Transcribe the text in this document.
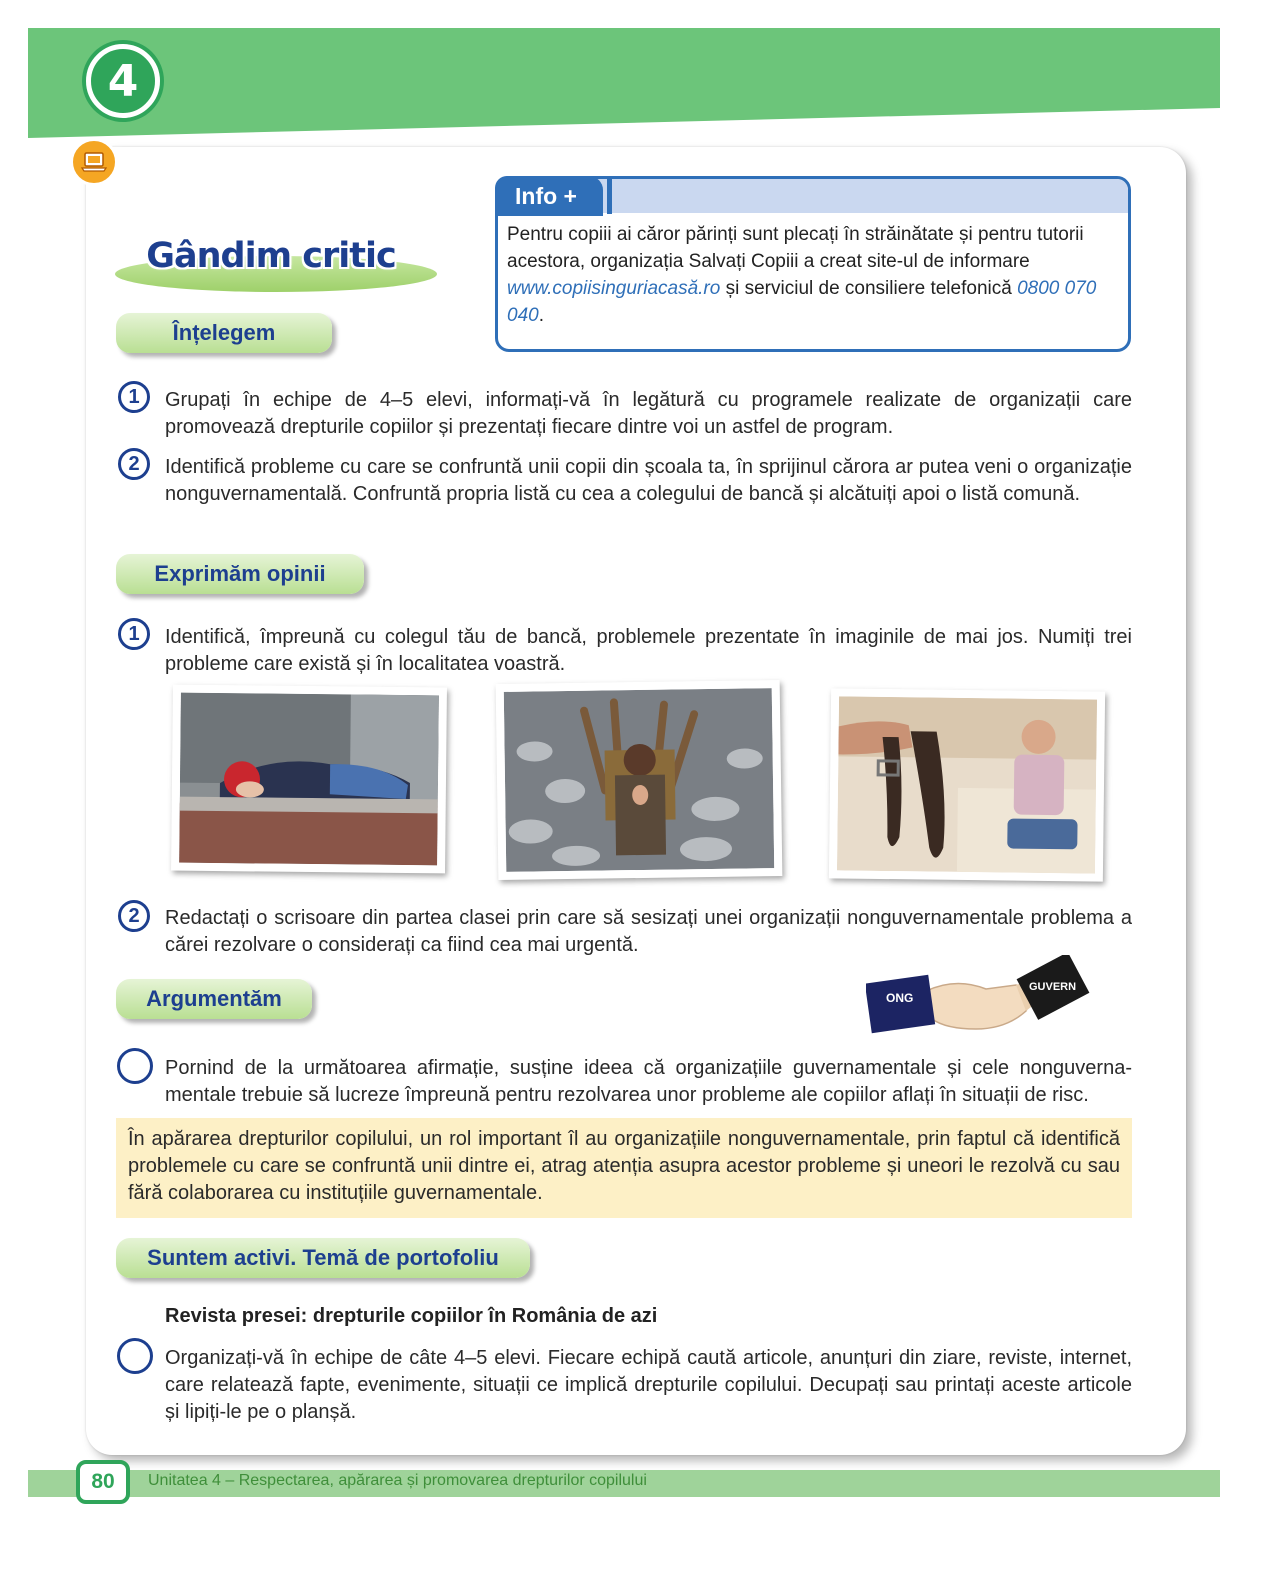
4
Gândim critic
Info +
Pentru copiii ai căror părinți sunt plecați în străinătate și pentru tutorii acestora, organizația Salvați Copiii a creat site-ul de informare www.copiisinguriacasă.ro și serviciul de consiliere telefonică 0800 070 040.
Înțelegem
1	Grupați în echipe de 4–5 elevi, informați-vă în legătură cu programele realizate de organizații care promovează drepturile copiilor și prezentați fiecare dintre voi un astfel de program.
2	Identifică probleme cu care se confruntă unii copii din școala ta, în sprijinul cărora ar putea veni o organizație nonguvernamentală. Confruntă propria listă cu cea a colegului de bancă și alcătuiți apoi o listă comună.
Exprimăm opinii
1	Identifică, împreună cu colegul tău de bancă, problemele prezentate în imaginile de mai jos. Numiți trei probleme care există și în localitatea voastră.
2	Redactați o scrisoare din partea clasei prin care să sesizați unei organizații nonguvernamentale problema a cărei rezolvare o considerați ca fiind cea mai urgentă.
Argumentăm	ONG
GUVERN
Pornind de la următoarea afirmație, susține ideea că organizațiile guvernamentale și cele nonguvernamentale trebuie să lucreze împreună pentru rezolvarea unor probleme ale copiilor aflați în situații de risc.
În apărarea drepturilor copilului, un rol important îl au organizațiile nonguvernamentale, prin faptul că identifică problemele cu care se confruntă unii dintre ei, atrag atenția asupra acestor probleme și uneori le rezolvă cu sau fără colaborarea cu instituțiile guvernamentale.
Suntem activi. Temă de portofoliu
Revista presei: drepturile copiilor în România de azi
Organizați-vă în echipe de câte 4–5 elevi. Fiecare echipă caută articole, anunțuri din ziare, reviste, internet, care relatează fapte, evenimente, situații ce implică drepturile copilului. Decupați sau printați aceste articole și lipiți-le pe o planșă.
80	Unitatea 4 – Respectarea, apărarea și promovarea drepturilor copilului
